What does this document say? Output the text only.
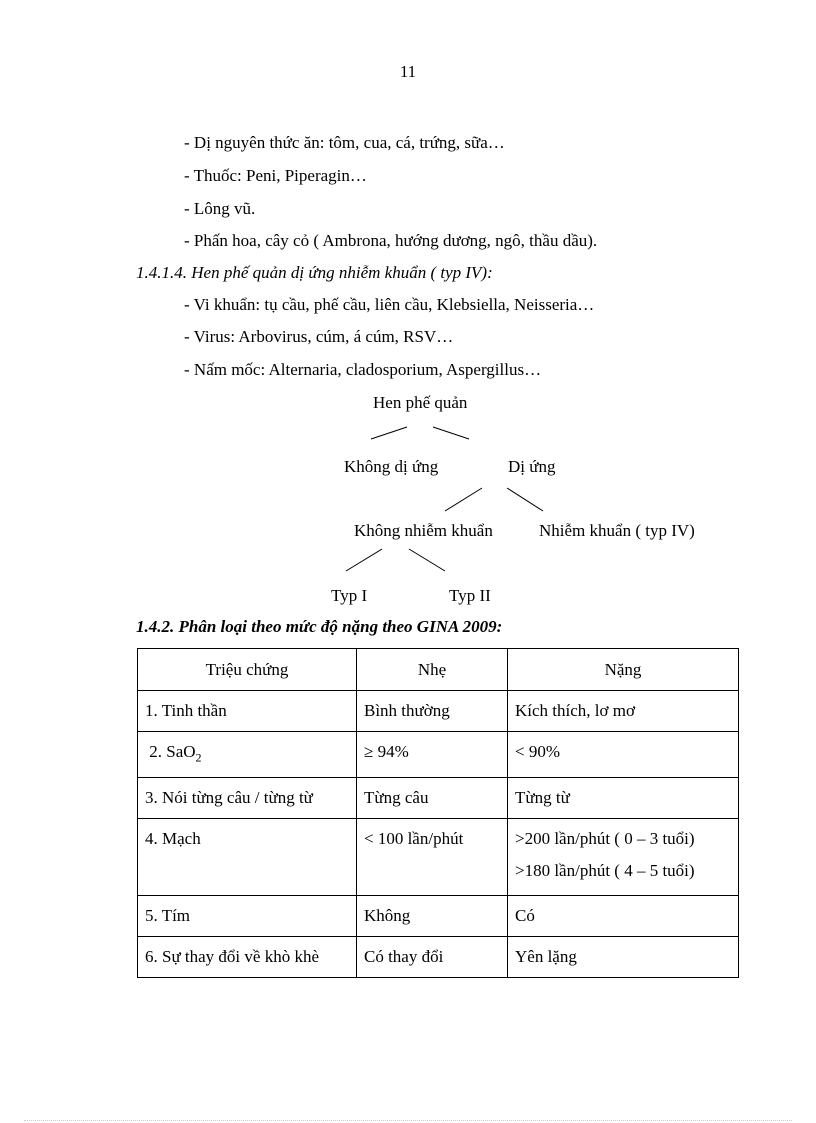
11
- Dị nguyên thức ăn: tôm, cua, cá, trứng, sữa…
- Thuốc: Peni, Piperagin…
- Lông vũ.
- Phấn hoa, cây cỏ ( Ambrona, hướng dương, ngô, thầu dầu).
1.4.1.4. Hen phế quản dị ứng nhiễm khuẩn ( typ IV):
- Vi khuẩn: tụ cầu, phế cầu, liên cầu, Klebsiella, Neisseria…
- Virus: Arbovirus, cúm, á cúm, RSV…
- Nấm mốc: Alternaria, cladosporium, Aspergillus…
Hen phế quản
Không dị ứng	Dị ứng
Không nhiễm khuẩn	Nhiễm khuẩn ( typ IV)
Typ I	Typ II
1.4.2. Phân loại theo mức độ nặng theo GINA 2009:
Triệu chứng	Nhẹ	Nặng
1. Tinh thần	Bình thường	Kích thích, lơ mơ
2. SaO$_2$	≥ 94%	< 90%
3. Nói từng câu / từng từ	Từng câu	Từng từ
4. Mạch	< 100 lần/phút	>200 lần/phút ( 0 – 3 tuổi)
>180 lần/phút ( 4 – 5 tuổi)

5. Tím	Không	Có
6. Sự thay đổi về khò khè	Có thay đổi	Yên lặng
